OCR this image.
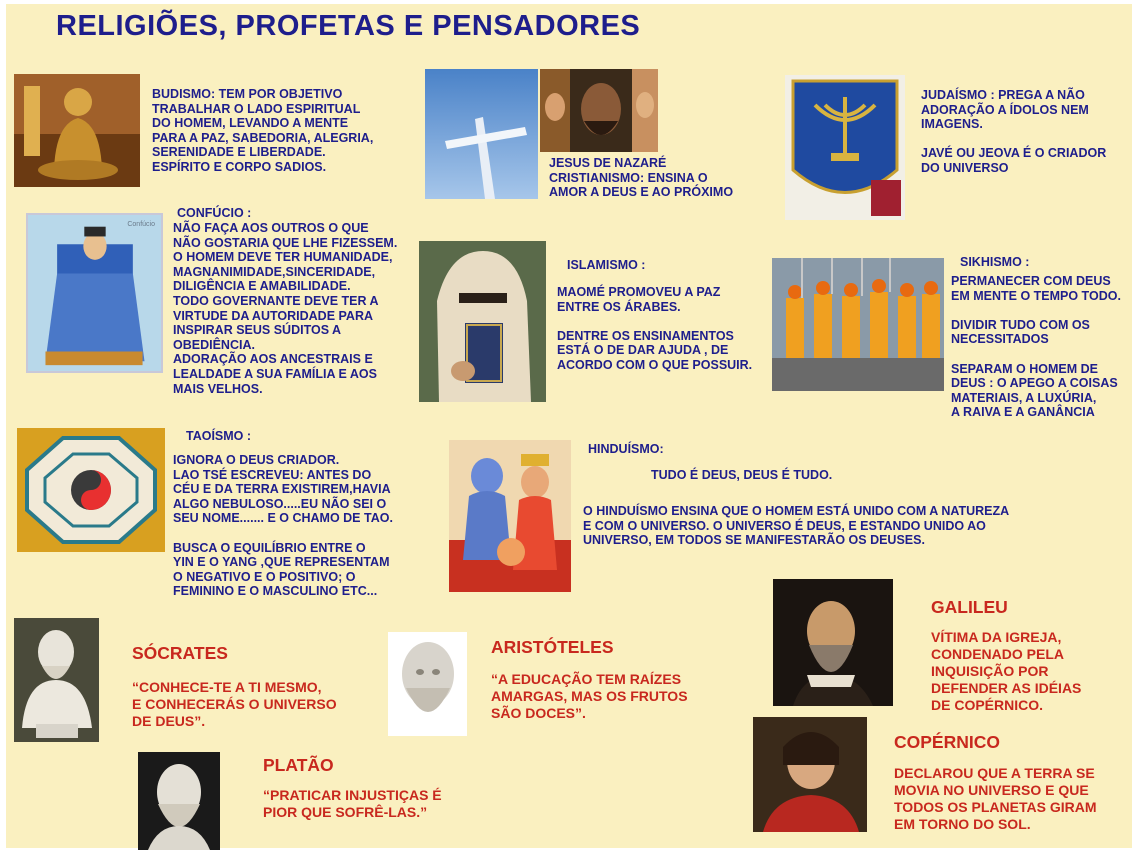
RELIGIÕES, PROFETAS E PENSADORES
BUDISMO: TEM POR OBJETIVO
TRABALHAR O LADO ESPIRITUAL
DO HOMEM, LEVANDO A MENTE
PARA A PAZ, SABEDORIA, ALEGRIA,
SERENIDADE E LIBERDADE.
ESPÍRITO E CORPO SADIOS.	JESUS DE NAZARÉ
CRISTIANISMO: ENSINA O
AMOR A DEUS E AO PRÓXIMO
JUDAÍSMO : PREGA A NÃO
ADORAÇÃO A ÍDOLOS NEM
IMAGENS.

JAVÉ OU JEOVA É O CRIADOR
DO UNIVERSO
Confúcio
CONFÚCIO :
NÃO FAÇA AOS OUTROS O QUE
NÃO GOSTARIA QUE LHE FIZESSEM.
O HOMEM DEVE TER HUMANIDADE,
MAGNANIMIDADE,SINCERIDADE,
DILIGÊNCIA E AMABILIDADE.
TODO GOVERNANTE DEVE TER A
VIRTUDE DA AUTORIDADE PARA
INSPIRAR SEUS SÚDITOS A
OBEDIÊNCIA.
ADORAÇÃO AOS ANCESTRAIS E
LEALDADE A SUA FAMÍLIA E AOS
MAIS VELHOS.
ISLAMISMO :
MAOMÉ PROMOVEU A PAZ
ENTRE OS ÁRABES.

DENTRE OS ENSINAMENTOS
ESTÁ O DE DAR AJUDA , DE
ACORDO COM O QUE POSSUIR.
SIKHISMO :
PERMANECER COM DEUS
EM MENTE O TEMPO TODO.

DIVIDIR TUDO COM OS
NECESSITADOS

SEPARAM O HOMEM DE
DEUS : O APEGO A COISAS
MATERIAIS, A LUXÚRIA,
A RAIVA E A GANÂNCIA
TAOÍSMO :
IGNORA O DEUS CRIADOR.
LAO TSÉ ESCREVEU: ANTES DO
CÉU E DA TERRA EXISTIREM,HAVIA
ALGO NEBULOSO.....EU NÃO SEI O
SEU NOME....... E O CHAMO DE TAO.

BUSCA O EQUILÍBRIO ENTRE O
YIN E O YANG ,QUE REPRESENTAM
O NEGATIVO E O POSITIVO; O
FEMININO E O MASCULINO ETC...
HINDUÍSMO:
TUDO É DEUS, DEUS É TUDO.
O HINDUÍSMO ENSINA QUE O HOMEM ESTÁ UNIDO COM A NATUREZA
E COM O UNIVERSO. O UNIVERSO É DEUS, E ESTANDO UNIDO AO
UNIVERSO, EM TODOS SE MANIFESTARÃO OS DEUSES.
SÓCRATES
“CONHECE-TE A TI MESMO,
E CONHECERÁS O UNIVERSO
DE DEUS”.
ARISTÓTELES
“A EDUCAÇÃO TEM RAÍZES
AMARGAS, MAS OS FRUTOS
SÃO DOCES”.
PLATÃO
“PRATICAR INJUSTIÇAS É
PIOR QUE SOFRÊ-LAS.”
GALILEU
VÍTIMA DA IGREJA,
CONDENADO PELA
INQUISIÇÃO POR
DEFENDER AS IDÉIAS
DE COPÉRNICO.
COPÉRNICO
DECLAROU QUE A TERRA SE
MOVIA NO UNIVERSO E QUE
TODOS OS PLANETAS GIRAM
EM TORNO DO SOL.
